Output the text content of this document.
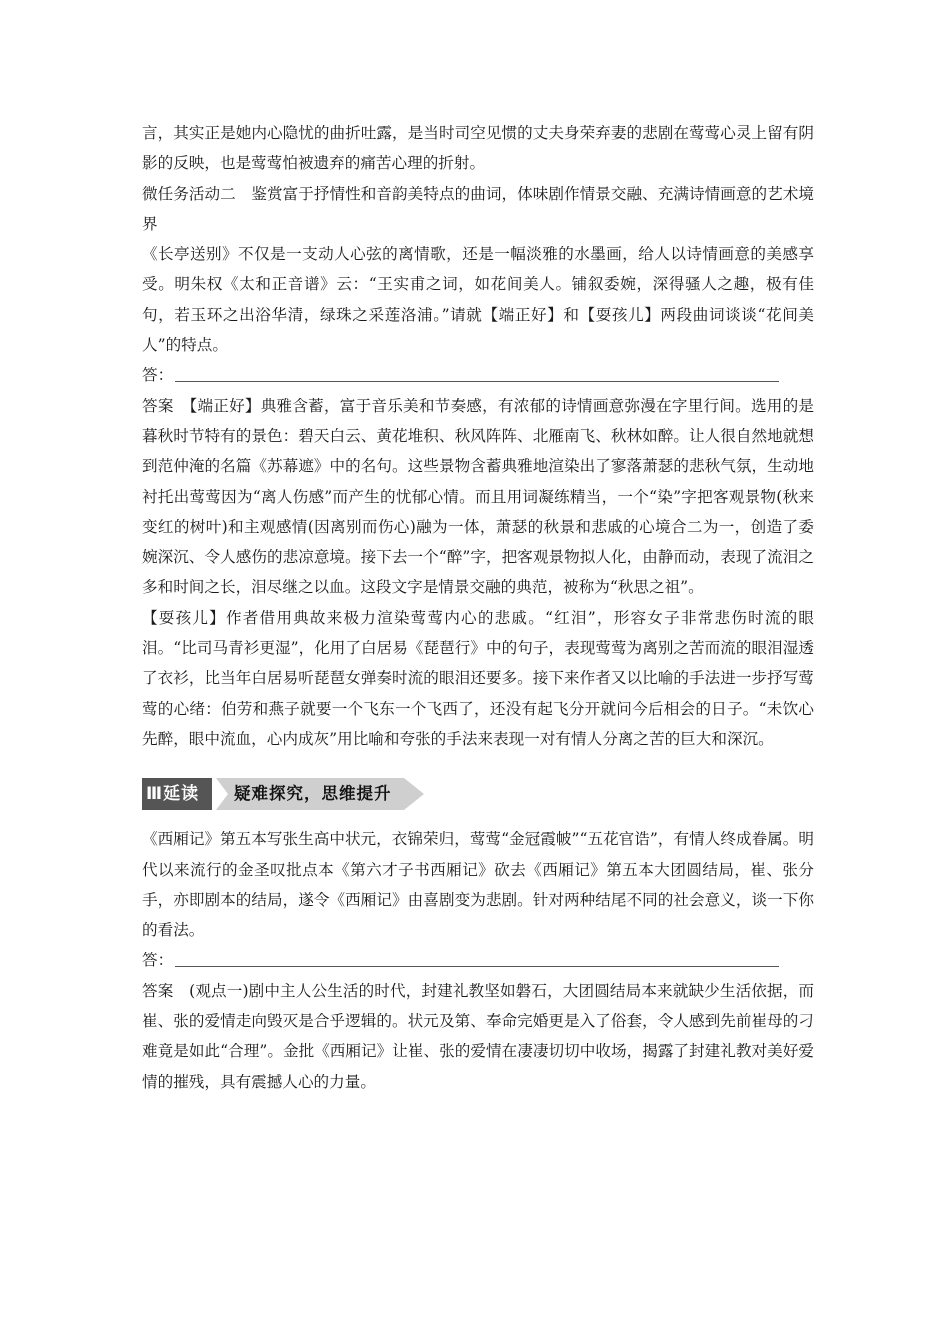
言，其实正是她内心隐忧的曲折吐露，是当时司空见惯的丈夫身荣弃妻的悲剧在莺莺心灵上留有阴影的反映，也是莺莺怕被遗弃的痛苦心理的折射。

微任务活动二　鉴赏富于抒情性和音韵美特点的曲词，体味剧作情景交融、充满诗情画意的艺术境界

《长亭送别》不仅是一支动人心弦的离情歌，还是一幅淡雅的水墨画，给人以诗情画意的美感享受。明朱权《太和正音谱》云：“王实甫之词，如花间美人。铺叙委婉，深得骚人之趣，极有佳句，若玉环之出浴华清，绿珠之采莲洛浦。”请就【端正好】和【耍孩儿】两段曲词谈谈“花间美人”的特点。

答：

答案　【端正好】典雅含蓄，富于音乐美和节奏感，有浓郁的诗情画意弥漫在字里行间。选用的是暮秋时节特有的景色：碧天白云、黄花堆积、秋风阵阵、北雁南飞、秋林如醉。让人很自然地就想到范仲淹的名篇《苏幕遮》中的名句。这些景物含蓄典雅地渲染出了寥落萧瑟的悲秋气氛，生动地衬托出莺莺因为“离人伤感”而产生的忧郁心情。而且用词凝练精当，一个“染”字把客观景物(秋来变红的树叶)和主观感情(因离别而伤心)融为一体，萧瑟的秋景和悲戚的心境合二为一，创造了委婉深沉、令人感伤的悲凉意境。接下去一个“醉”字，把客观景物拟人化，由静而动，表现了流泪之多和时间之长，泪尽继之以血。这段文字是情景交融的典范，被称为“秋思之祖”。

【耍孩儿】作者借用典故来极力渲染莺莺内心的悲戚。“红泪”，形容女子非常悲伤时流的眼泪。“比司马青衫更湿”，化用了白居易《琵琶行》中的句子，表现莺莺为离别之苦而流的眼泪湿透了衣衫，比当年白居易听琵琶女弹奏时流的眼泪还要多。接下来作者又以比喻的手法进一步抒写莺莺的心绪：伯劳和燕子就要一个飞东一个飞西了，还没有起飞分开就问今后相会的日子。“未饮心先醉，眼中流血，心内成灰”用比喻和夸张的手法来表现一对有情人分离之苦的巨大和深沉。

Ⅲ延读	疑难探究，思维提升

《西厢记》第五本写张生高中状元，衣锦荣归，莺莺“金冠霞帔”“五花官诰”，有情人终成眷属。明代以来流行的金圣叹批点本《第六才子书西厢记》砍去《西厢记》第五本大团圆结局，崔、张分手，亦即剧本的结局，遂令《西厢记》由喜剧变为悲剧。针对两种结尾不同的社会意义，谈一下你的看法。

答：

答案　(观点一)剧中主人公生活的时代，封建礼教坚如磐石，大团圆结局本来就缺少生活依据，而崔、张的爱情走向毁灭是合乎逻辑的。状元及第、奉命完婚更是入了俗套，令人感到先前崔母的刁难竟是如此“合理”。金批《西厢记》让崔、张的爱情在凄凄切切中收场，揭露了封建礼教对美好爱情的摧残，具有震撼人心的力量。
